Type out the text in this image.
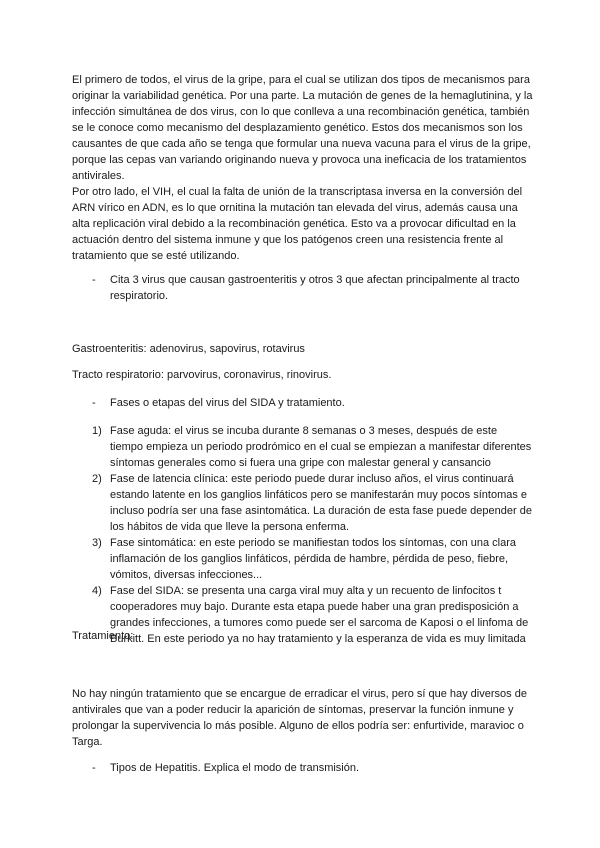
El primero de todos, el virus de la gripe, para el cual se utilizan dos tipos de mecanismos para originar la variabilidad genética. Por una parte. La mutación de genes de la hemaglutinina, y la infección simultánea de dos virus, con lo que conlleva a una recombinación genética, también se le conoce como mecanismo del desplazamiento genético. Estos dos mecanismos son los causantes de que cada año se tenga que formular una nueva vacuna para el virus de la gripe, porque las cepas van variando originando nueva y provoca una ineficacia de los tratamientos antivirales.

Por otro lado, el VIH, el cual la falta de unión de la transcriptasa inversa en la conversión del ARN vírico en ADN, es lo que ornitina la mutación tan elevada del virus, además causa una alta replicación viral debido a la recombinación genética. Esto va a provocar dificultad en la actuación dentro del sistema inmune y que los patógenos creen una resistencia frente al tratamiento que se esté utilizando.

- Cita 3 virus que causan gastroenteritis y otros 3 que afectan principalmente al tracto respiratorio.

Gastroenteritis: adenovirus, sapovirus, rotavirus

Tracto respiratorio: parvovirus, coronavirus, rinovirus.

- Fases o etapas del virus del SIDA y tratamiento.
1) Fase aguda: el virus se incuba durante 8 semanas o 3 meses, después de este tiempo empieza un periodo prodrómico en el cual se empiezan a manifestar diferentes síntomas generales como si fuera una gripe con malestar general y cansancio
2) Fase de latencia clínica: este periodo puede durar incluso años, el virus continuará estando latente en los ganglios linfáticos pero se manifestarán muy pocos síntomas e incluso podría ser una fase asintomática. La duración de esta fase puede depender de los hábitos de vida que lleve la persona enferma.
3) Fase sintomática: en este periodo se manifiestan todos los síntomas, con una clara inflamación de los ganglios linfáticos, pérdida de hambre, pérdida de peso, fiebre, vómitos, diversas infecciones...
4) Fase del SIDA: se presenta una carga viral muy alta y un recuento de linfocitos t cooperadores muy bajo. Durante esta etapa puede haber una gran predisposición a grandes infecciones, a tumores como puede ser el sarcoma de Kaposi o el linfoma de Burkitt. En este periodo ya no hay tratamiento y la esperanza de vida es muy limitada

Tratamiento:

No hay ningún tratamiento que se encargue de erradicar el virus, pero sí que hay diversos de antivirales que van a poder reducir la aparición de síntomas, preservar la función inmune y prolongar la supervivencia lo más posible. Alguno de ellos podría ser: enfurtivide, maravioc o Targa.

- Tipos de Hepatitis. Explica el modo de transmisión.
